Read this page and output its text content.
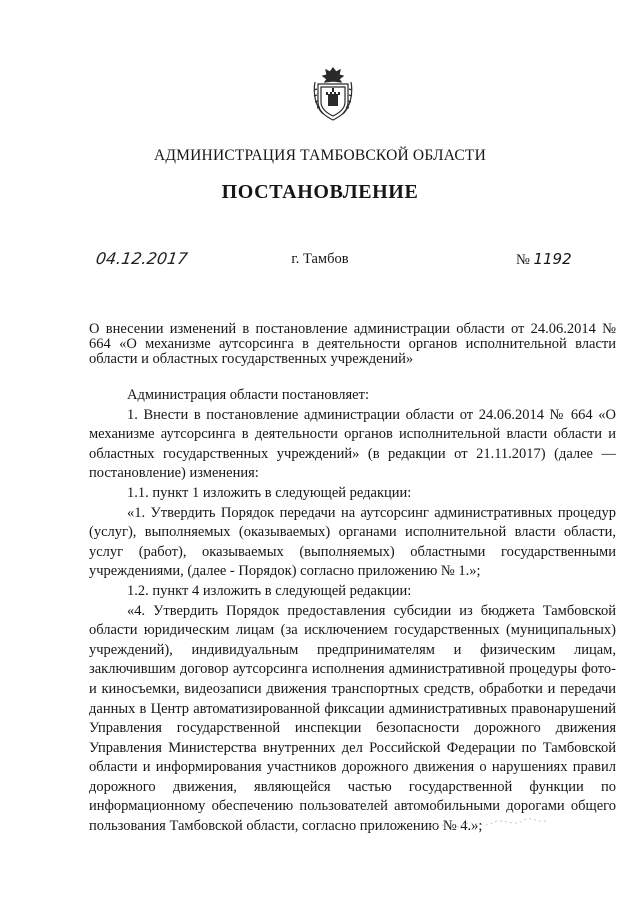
АДМИНИСТРАЦИЯ ТАМБОВСКОЙ ОБЛАСТИ
ПОСТАНОВЛЕНИЕ
04.12.2017	г. Тамбов	№ 1192
О внесении изменений в постановление администрации области от 24.06.2014 № 664 «О механизме аутсорсинга в деятельности органов исполнительной власти области и областных государственных учреждений»

Администрация области постановляет:

1. Внести в постановление администрации области от 24.06.2014 № 664 «О механизме аутсорсинга в деятельности органов исполнительной власти области и областных государственных учреждений» (в редакции от 21.11.2017) (далее — постановление) изменения:

1.1. пункт 1 изложить в следующей редакции:

«1. Утвердить Порядок передачи на аутсорсинг административных процедур (услуг), выполняемых (оказываемых) органами исполнительной власти области, услуг (работ), оказываемых (выполняемых) областными государственными учреждениями, (далее - Порядок) согласно приложению № 1.»;

1.2. пункт 4 изложить в следующей редакции:

«4. Утвердить Порядок предоставления субсидии из бюджета Тамбовской области юридическим лицам (за исключением государственных (муниципальных) учреждений), индивидуальным предпринимателям и физическим лицам, заключившим договор аутсорсинга исполнения административной процедуры фото- и киносъемки, видеозаписи движения транспортных средств, обработки и передачи данных в Центр автоматизированной фиксации административных правонарушений Управления государственной инспекции безопасности дорожного движения Управления Министерства внутренних дел Российской Федерации по Тамбовской области и информирования участников дорожного движения о нарушениях правил дорожного движения, являющейся частью государственной функции по информационному обеспечению пользователей автомобильными дорогами общего пользования Тамбовской области, согласно приложению № 4.»;
